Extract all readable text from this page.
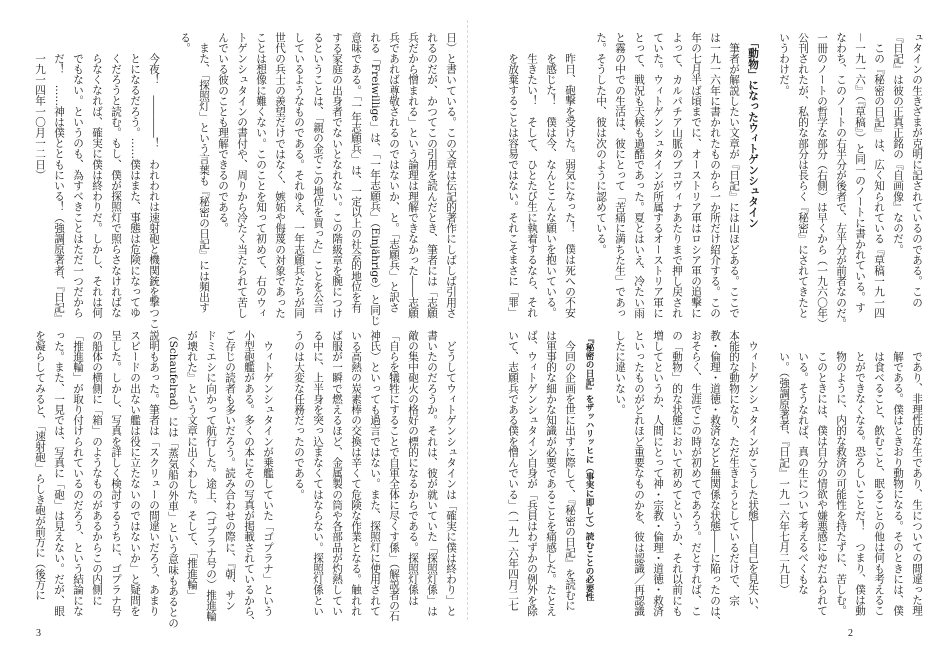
日）と書いている。この文章は伝記的著作にしばしば引用さ
れるのだが、かつてこの引用を読んだとき、筆者には「志願
兵だから憎まれる」という論理は理解できなかった――志願
兵であれば尊敬されるのではないか、と。「志願兵」と訳さ
れる「Freiwillige」は、「一年志願兵」（Einjährige）と同じ
意味である。「一年志願兵」は、一定以上の社会的地位を有
する家庭の出身者でないとなれない。この階級章を腕につけ
るということは、「親の金でこの地位を買った」ことを公言
しているようなものである。それゆえ、一年志願兵たちが同
世代の兵士の羨望だけではなく、嫉妬や侮蔑の対象であった
ことは想像に難くない。このことを知って初めて、右のウィ
トゲンシュタインの書付や、周りから冷たく当たられて苦し
んでいる彼のことも理解できるのである。
　また、「探照灯」という言葉も『秘密の日記』には頻出す
る。
今夜！　――――！　われわれは速射砲と機関銃を撃つこ
とになるだろう。……僕はまた、事態は危険になってゆ
くだろうと読む。もし、僕が探照灯で照らさなければな
らなくなれば、確実に僕は終わりだ。しかし、それは何
でもない。というのも、為すべきことはただ一つだから
だ！　……神は僕とともにいる！（強調原著者、『日記』
一九一四年一〇月一二日）
　どうしてウィトゲンシュタインは「確実に僕は終わり」と
書いたのだろうか。それは、彼が就いていた「探照灯係」は
敵の集中砲火の格好の標的になるからである。探照灯係は
「自らを犠牲にすることで自軍全体に尽くす係」（解説者の石
神氏）といっても過言ではない。また、探照灯に使用されて
いる高熱の炭素棒の交換は辛くて危険な作業となる。触れれ
ば服が一瞬で燃えるほど、金属製の筒や各部品が灼熱してい
る中に、上半身を突っ込まなくてはならない。探照灯係とい
うのは大変な任務だったのである。
　ウィトゲンシュタインが乗艦していた「ゴプラナ」という
小型砲艦がある。多くの本にその写真が掲載されているから、
ご存じの読者も多いだろう。読み合わせの際に、『朝、サン
ドミエシに向かって航行した。途上、（ゴプラナ号の）推進輪
が壊れた』という文章に出くわした。そして、「推進輪」
（Schaufelrad）には「蒸気船の外車」という意味もあるとの
説明もあった。筆者は「スクリューの間違いだろう、あまり
スピードの出ない艦は役に立たないのではないか」と疑問を
呈した。しかし、写真を詳しく検討するうちに、ゴプラナ号
の船体の横側に「箱」のようなものがあるからこの内側に
「推進輪」が取り付けられているのだろう、という結論にな
った。また、一見では、写真に「砲」は見えない。だが、眼
を凝らしてみると、「速射砲」らしき砲が前方に（後方に
3
ュタインの生きざまが克明に記されているのである。この
『日記』は彼の正真正銘の『自画像』なのだ。
　この『秘密の日記』は、広く知られている『草稿一九一四
－一九一六』（『草稿』）と同一のノートに書かれている。す
なわち、このノートの右半分が後者で、左半分が前者なのだ。
一冊のノートの哲学な部分（右側）は早くから（一九六〇年）
公刊されたが、私的な部分は長らく『秘密』にされてきたと
いうわけだ。
　「動物」になったウィトゲンシュタイン
　筆者が解説したい文章が『日記』には山ほどある。ここで
は一九一六年に書かれたものから一か所だけ紹介する。この
年の七月半ば頃までに、オーストリア軍はロシア軍の追撃に
よって、カルパチア山脈のブコヴィナあたりまで押し戻され
ていた。ウィトゲンシュタインが所属するオーストリア軍に
とって、戦況も天候も過酷であった。夏とはいえ、冷たい雨
と霧の中での生活は、彼にとって「苦痛に満ちた生」であっ
た。そうした中、彼は次のように認めている。
昨日、砲撃を受けた。弱気になった！　僕は死への不安
を感じた！　僕は今、なんとこんな願いを抱いている。
生きたい！　そして、ひとたび生に執着するなら、それ
を放棄することは容易ではない。それこそまさに「罪」
であり、非理性的な生であり、生についての間違った理
解である。僕はときおり動物になる。そのときには、僕
は食べること、飲むこと、眠ることの他は何も考えるこ
とができなくなる。恐ろしいことだ！　つまり、僕は動
物のように、内的な救済の可能性を持たずに、苦しむ。
このときには、僕は自分の情欲や嫌悪感にゆだねられて
いる。そうなれば、真の生について考えるべくもな
い。（強調原著者、『日記』一九一六年七月二九日）
　ウィトゲンシュタインがこうした状態――自己を見失い、
本能的な動物になり、ただ生きようとしているだけで、宗
教・倫理・道徳・救済などと無関係な状態――に陥ったのは、
おそらく、生涯でこの時が初めてであろう。だとすれば、こ
の「動物」的な状態において初めてというか、それ以前にも
増してというか、人間にとって神・宗教・倫理・道徳・救済
といったものがどれほど重要なものかを、彼は認識／再認識
したに違いない。
　『秘密の日記』をザッハリッヒに（事実に即して）読むことの必要性
　今回の企画を世に出すに際して、『秘密の日記』を読むに
は軍事的な細かな知識が必要であることを痛感した。たとえ
ば、ウィトゲンシュタイン自身が「兵員はわずかの例外を除
いて、志願兵である僕を憎んでいる」（一九一六年四月二七
2
